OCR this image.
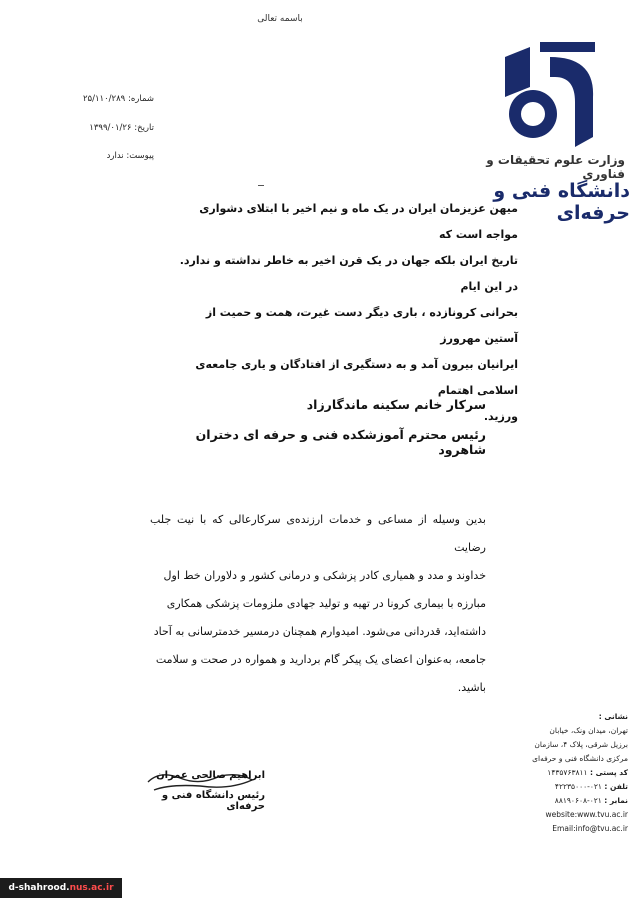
باسمه تعالی
شماره: ۲۵/۱۱۰/۲۸۹
تاریخ: ۱۳۹۹/۰۱/۲۶
پیوست: ندارد	وزارت علوم تحقیقات و فناوری
دانشگاه فنی و حرفه‌ای

میهن عزیزمان ایران در یک ماه و نیم اخیر با ابتلای دشواری مواجه است که

تاریخ ایران بلکه جهان در یک قرن اخیر به خاطر نداشته و ندارد. در این ایام

بحرانی کرونازده ، باری دیگر دست غیرت، همت و حمیت از آستین مهرورز

ایرانیان بیرون آمد و به دستگیری از افتادگان و یاری جامعه‌ی اسلامی اهتمام

ورزید.

سرکار خانم سکینه ماندگارزاد
رئیس محترم آموزشکده فنی و حرفه ای دختران شاهرود

بدین وسیله از مساعی و خدمات ارزنده‌ی سرکارعالی که با نیت جلب رضایت

خداوند و مدد و همیاری کادر پزشکی و درمانی کشور و دلاوران خط اول

مبارزه با بیماری کرونا در تهیه و تولید جهادی ملزومات پزشکی همکاری

داشته‌اید، قدردانی می‌شود. امیدوارم همچنان درمسیر خدمترسانی به آحاد

جامعه، به‌عنوان اعضای یک پیکر گام بردارید و همواره در صحت و سلامت

باشید.

ابراهیم صالحی عمران
رئیس دانشگاه فنی و حرفه‌ای
نشانی :
تهران، میدان ونک، خیابان
برزیل شرقی، پلاک ۴، سازمان
مرکزی دانشگاه فنی و حرفه‌ای
کد پستی : ۱۴۳۵۷۶۳۸۱۱
تلفن : ۰۲۱-۴۲۲۳۵۰۰۰
نمابر : ۰۲۱-۸۸۱۹۰۶۰۸
website:www.tvu.ac.ir
Email:info@tvu.ac.ir
d-shahrood.nus.ac.ir
